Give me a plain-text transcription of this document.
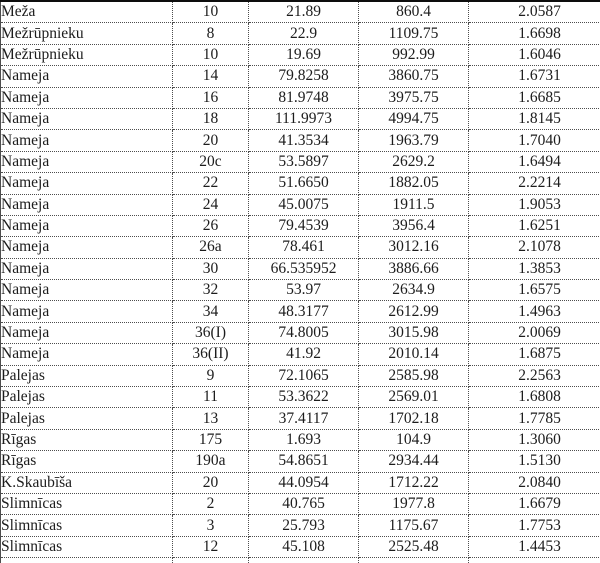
Meža	10	21.89	860.4	2.0587
Mežrūpnieku	8	22.9	1109.75	1.6698
Mežrūpnieku	10	19.69	992.99	1.6046
Nameja	14	79.8258	3860.75	1.6731
Nameja	16	81.9748	3975.75	1.6685
Nameja	18	111.9973	4994.75	1.8145
Nameja	20	41.3534	1963.79	1.7040
Nameja	20c	53.5897	2629.2	1.6494
Nameja	22	51.6650	1882.05	2.2214
Nameja	24	45.0075	1911.5	1.9053
Nameja	26	79.4539	3956.4	1.6251
Nameja	26a	78.461	3012.16	2.1078
Nameja	30	66.535952	3886.66	1.3853
Nameja	32	53.97	2634.9	1.6575
Nameja	34	48.3177	2612.99	1.4963
Nameja	36(I)	74.8005	3015.98	2.0069
Nameja	36(II)	41.92	2010.14	1.6875
Palejas	9	72.1065	2585.98	2.2563
Palejas	11	53.3622	2569.01	1.6808
Palejas	13	37.4117	1702.18	1.7785
Rīgas	175	1.693	104.9	1.3060
Rīgas	190a	54.8651	2934.44	1.5130
K.Skaubīša	20	44.0954	1712.22	2.0840
Slimnīcas	2	40.765	1977.8	1.6679
Slimnīcas	3	25.793	1175.67	1.7753
Slimnīcas	12	45.108	2525.48	1.4453
